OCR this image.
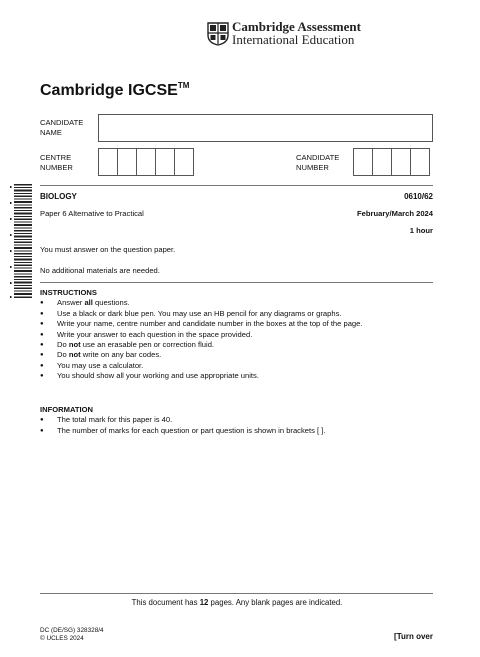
Cambridge Assessment
International Education
Cambridge IGCSE™
CANDIDATE NAME
CENTRE NUMBER
CANDIDATE NUMBER
BIOLOGY	0610/62
Paper 6 Alternative to Practical	February/March 2024
1 hour
You must answer on the question paper.
No additional materials are needed.
INSTRUCTIONS
● Answer all questions.
● Use a black or dark blue pen. You may use an HB pencil for any diagrams or graphs.
● Write your name, centre number and candidate number in the boxes at the top of the page.
● Write your answer to each question in the space provided.
● Do not use an erasable pen or correction fluid.
● Do not write on any bar codes.
● You may use a calculator.
● You should show all your working and use appropriate units.
INFORMATION
● The total mark for this paper is 40.
● The number of marks for each question or part question is shown in brackets [ ].
This document has 12 pages. Any blank pages are indicated.
DC (DE/SG) 328328/4
© UCLES 2024	[Turn over
